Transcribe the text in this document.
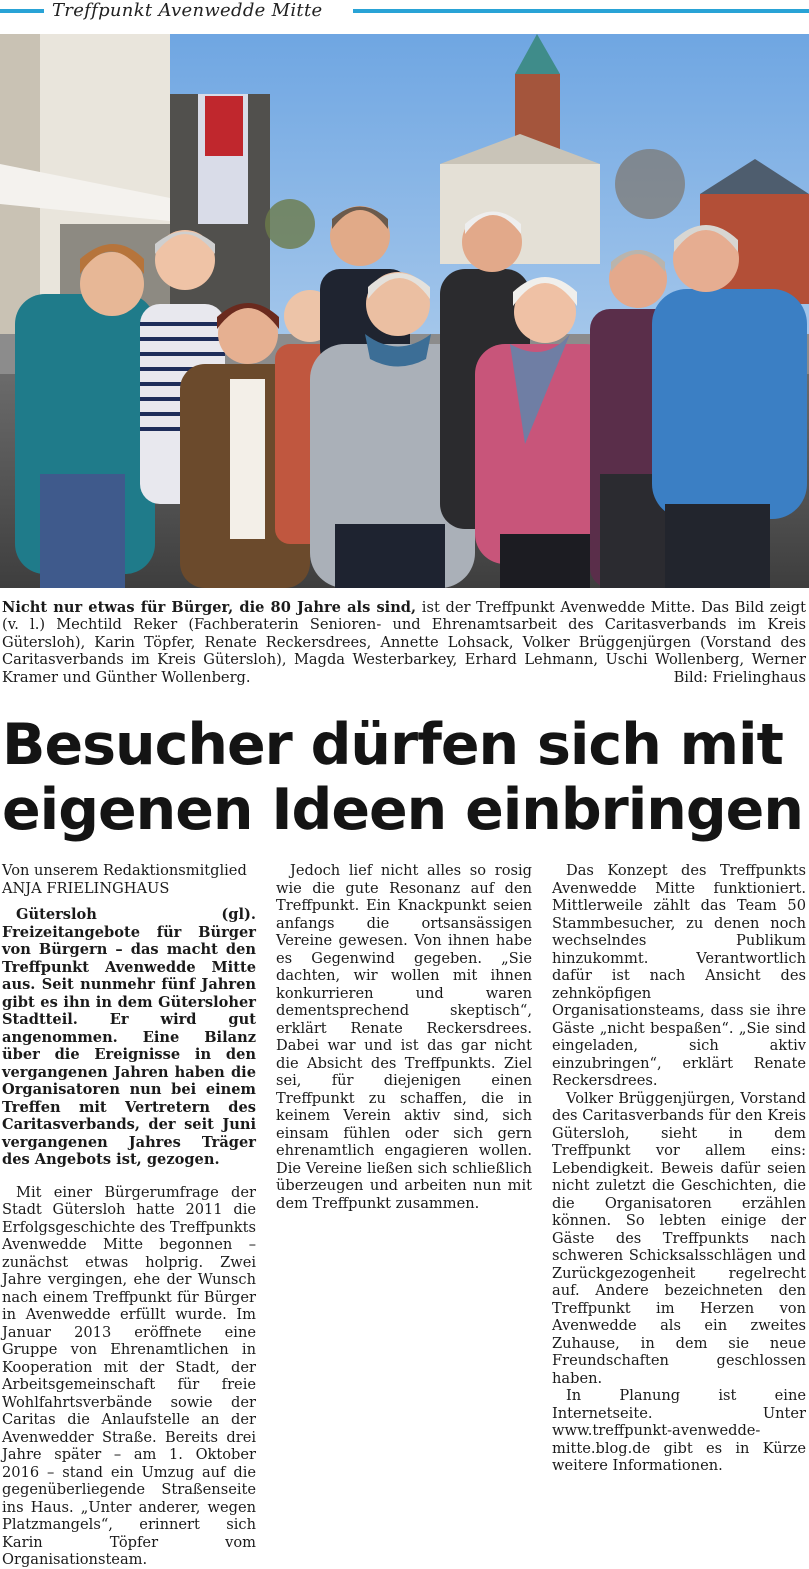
Treffpunkt Avenwedde Mitte
Nicht nur etwas für Bürger, die 80 Jahre als sind, ist der Treffpunkt Avenwedde Mitte. Das Bild zeigt (v. l.) Mechtild Reker (Fachberaterin Senioren- und Ehrenamtsarbeit des Caritasverbands im Kreis Gütersloh), Karin Töpfer, Renate Reckersdrees, Annette Lohsack, Volker Brüggenjürgen (Vorstand des Caritasverbands im Kreis Gütersloh), Magda Westerbarkey, Erhard Lehmann, Uschi Wollenberg, Werner Kramer und Günther Wollenberg.	Bild: Frielinghaus
Besucher dürfen sich mit
eigenen Ideen einbringen
Von unserem Redaktionsmitglied
ANJA FRIELINGHAUS

Gütersloh (gl). Freizeitangebote für Bürger von Bürgern – das macht den Treffpunkt Avenwedde Mitte aus. Seit nunmehr fünf Jahren gibt es ihn in dem Gütersloher Stadtteil. Er wird gut angenommen. Eine Bilanz über die Ereignisse in den vergangenen Jahren haben die Organisatoren nun bei einem Treffen mit Vertretern des Caritasverbands, der seit Juni vergangenen Jahres Träger des Angebots ist, gezogen.

Mit einer Bürgerumfrage der Stadt Gütersloh hatte 2011 die Erfolgsgeschichte des Treffpunkts Avenwedde Mitte begonnen – zunächst etwas holprig. Zwei Jahre vergingen, ehe der Wunsch nach einem Treffpunkt für Bürger in Avenwedde erfüllt wurde. Im Januar 2013 eröffnete eine Gruppe von Ehrenamtlichen in Kooperation mit der Stadt, der Arbeitsgemeinschaft für freie Wohlfahrtsverbände sowie der Caritas die Anlaufstelle an der Avenwedder Straße. Bereits drei Jahre später – am 1. Oktober 2016 – stand ein Umzug auf die gegenüberliegende Straßenseite ins Haus. „Unter anderer, wegen Platzmangels“, erinnert sich Karin Töpfer vom Organisationsteam.

Jedoch lief nicht alles so rosig wie die gute Resonanz auf den Treffpunkt. Ein Knackpunkt seien anfangs die ortsansässigen Vereine gewesen. Von ihnen habe es Gegenwind gegeben. „Sie dachten, wir wollen mit ihnen konkurrieren und waren dementsprechend skeptisch“, erklärt Renate Reckersdrees. Dabei war und ist das gar nicht die Absicht des Treffpunkts. Ziel sei, für diejenigen einen Treffpunkt zu schaffen, die in keinem Verein aktiv sind, sich einsam fühlen oder sich gern ehrenamtlich engagieren wollen. Die Vereine ließen sich schließlich überzeugen und arbeiten nun mit dem Treffpunkt zusammen.

Das Konzept des Treffpunkts Avenwedde Mitte funktioniert. Mittlerweile zählt das Team 50 Stammbesucher, zu denen noch wechselndes Publikum hinzukommt. Verantwortlich dafür ist nach Ansicht des zehnköpfigen Organisationsteams, dass sie ihre Gäste „nicht bespaßen“. „Sie sind eingeladen, sich aktiv einzubringen“, erklärt Renate Reckersdrees.

Volker Brüggenjürgen, Vorstand des Caritasverbands für den Kreis Gütersloh, sieht in dem Treffpunkt vor allem eins: Lebendigkeit. Beweis dafür seien nicht zuletzt die Geschichten, die die Organisatoren erzählen können. So lebten einige der Gäste des Treffpunkts nach schweren Schicksalsschlägen und Zurückgezogenheit regelrecht auf. Andere bezeichneten den Treffpunkt im Herzen von Avenwedde als ein zweites Zuhause, in dem sie neue Freundschaften geschlossen haben.

In Planung ist eine Internetseite. Unter www.treffpunkt-avenwedde-mitte.blog.de gibt es in Kürze weitere Informationen.
